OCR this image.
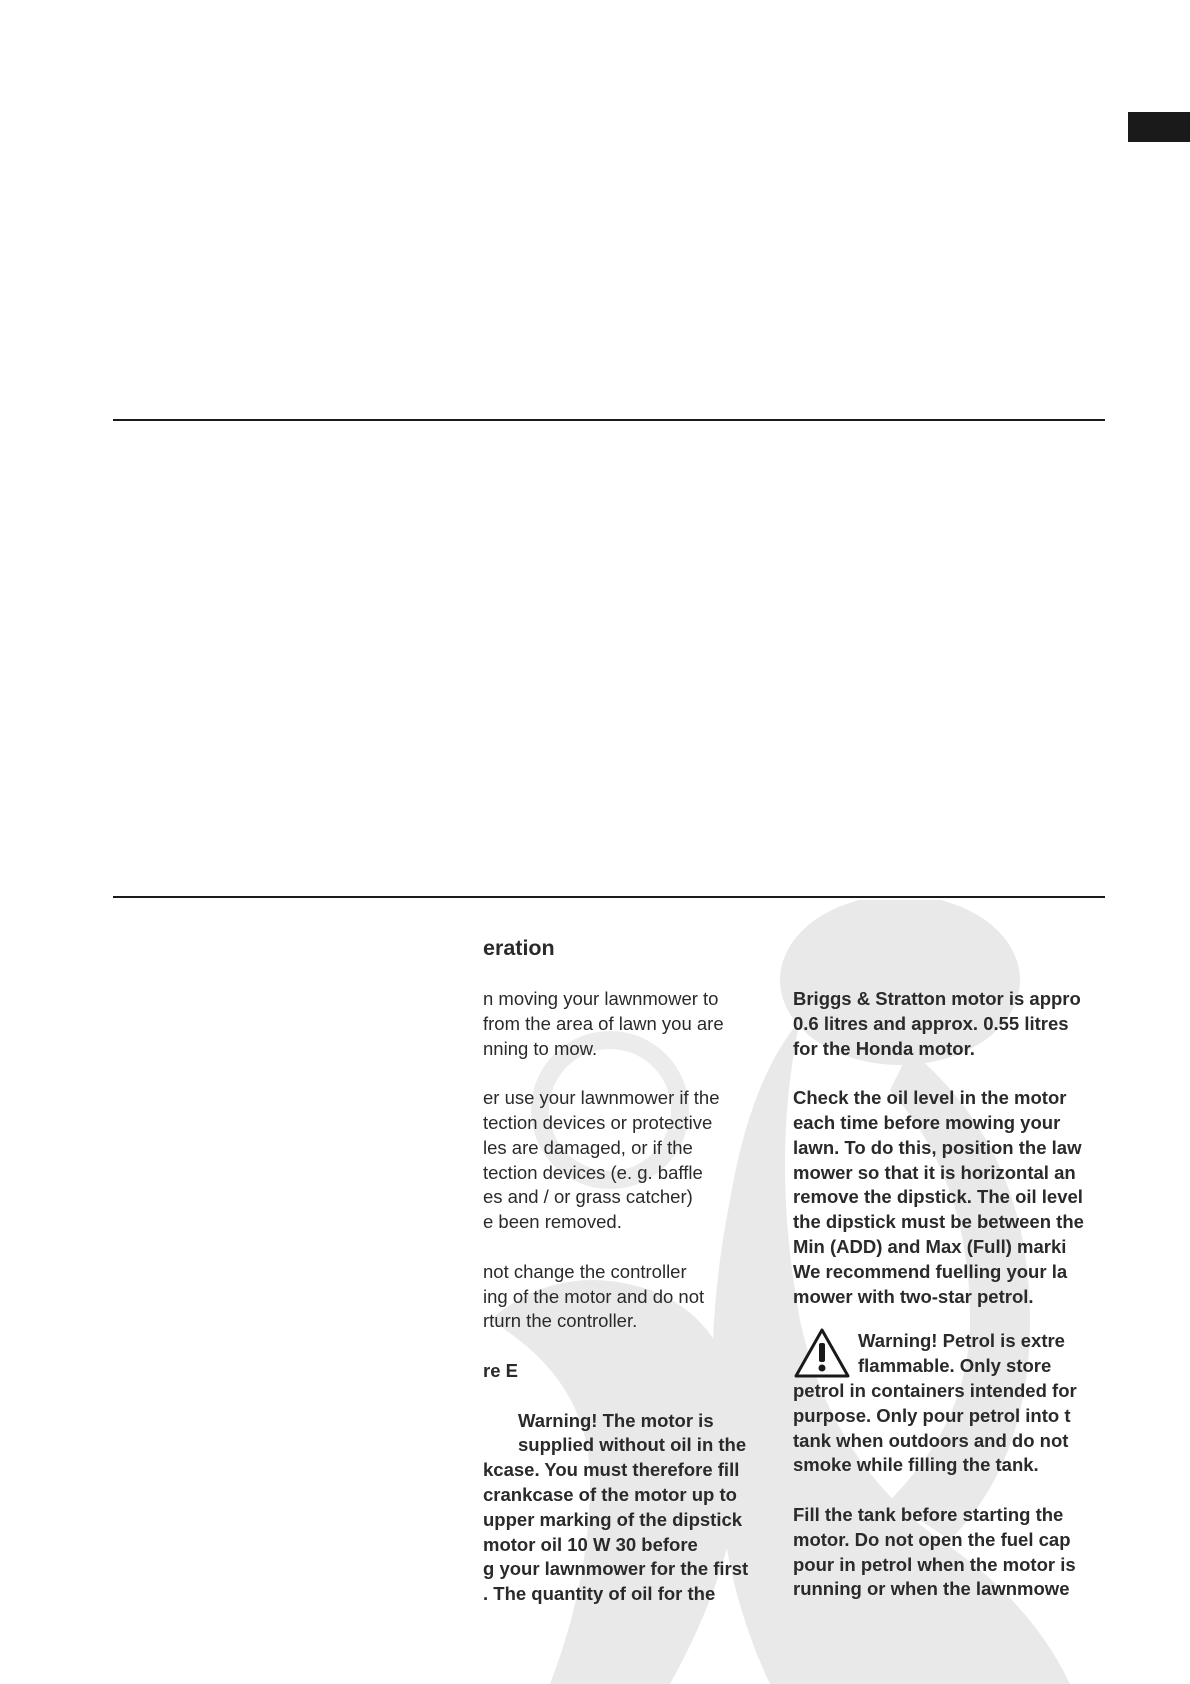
eration
n moving your lawnmower to
from the area of lawn you are
nning to mow.
er use your lawnmower if the
tection devices or protective
les are damaged, or if the
tection devices (e. g. baffle
es and / or grass catcher)
e been removed.
not change the controller
ing of the motor and do not
rturn the controller.
re E
Warning! The motor is
supplied without oil in the
kcase. You must therefore fill
crankcase of the motor up to
upper marking of the dipstick
motor oil 10 W 30 before
g your lawnmower for the first
. The quantity of oil for the
Briggs & Stratton motor is appro
0.6 litres and approx. 0.55 litres
for the Honda motor.
Check the oil level in the motor
each time before mowing your
lawn. To do this, position the law
mower so that it is horizontal an
remove the dipstick. The oil level
the dipstick must be between the
Min (ADD) and Max (Full) marki
We recommend fuelling your la
mower with two-star petrol.
Warning! Petrol is extre
flammable. Only store
petrol in containers intended for
purpose. Only pour petrol into t
tank when outdoors and do not
smoke while filling the tank.
Fill the tank before starting the
motor. Do not open the fuel cap
pour in petrol when the motor is
running or when the lawnmowe
